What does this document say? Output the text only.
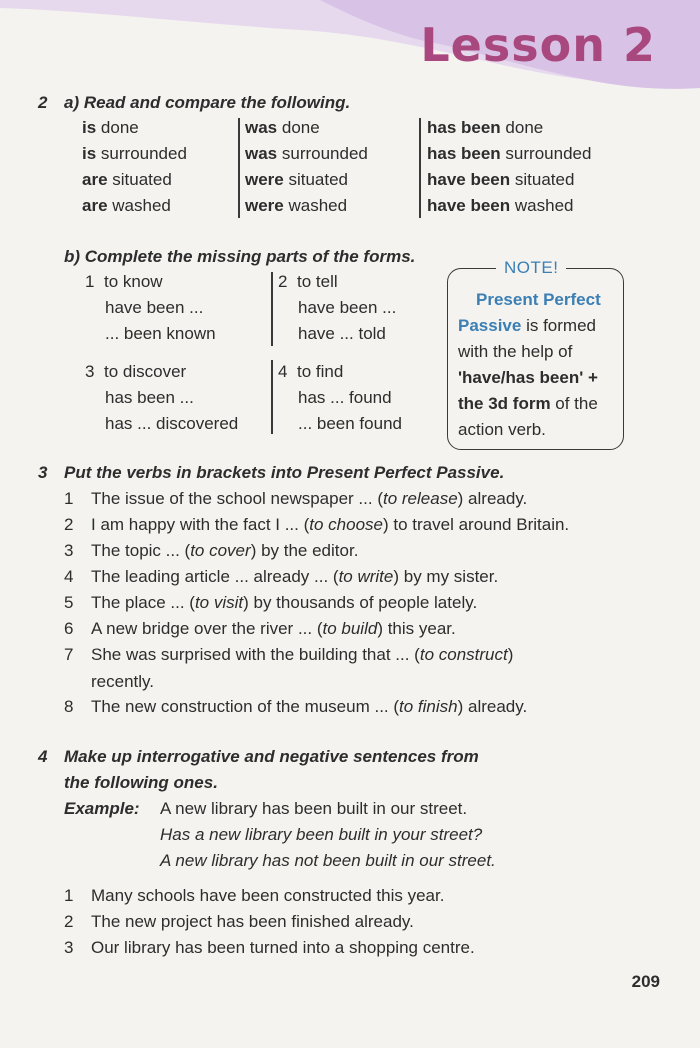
Lesson 2
2 a) Read and compare the following.
is done	was done	has been done
is surrounded	was surrounded	has been surrounded
are situated	were situated	have been situated
are washed	were washed	have been washed
b) Complete the missing parts of the forms.
1 to know
have been ...
... been known
2 to tell
have been ...
have ... told
3 to discover
has been ...
has ... discovered
4 to find
has ... found
... been found
NOTE!
Present Perfect
Passive is formed
with the help of
'have/has been' +
the 3d form of the
action verb.
3 Put the verbs in brackets into Present Perfect Passive.
1 The issue of the school newspaper ... (to release) already.
2 I am happy with the fact I ... (to choose) to travel around Britain.
3 The topic ... (to cover) by the editor.
4 The leading article ... already ... (to write) by my sister.
5 The place ... (to visit) by thousands of people lately.
6 A new bridge over the river ... (to build) this year.
7 She was surprised with the building that ... (to construct)
8 The new construction of the museum ... (to finish) already.
recently.
4 Make up interrogative and negative sentences from
the following ones.
Example: A new library has been built in our street.
Has a new library been built in your street?
A new library has not been built in our street.
1 Many schools have been constructed this year.
2 The new project has been finished already.
3 Our library has been turned into a shopping centre.
209
